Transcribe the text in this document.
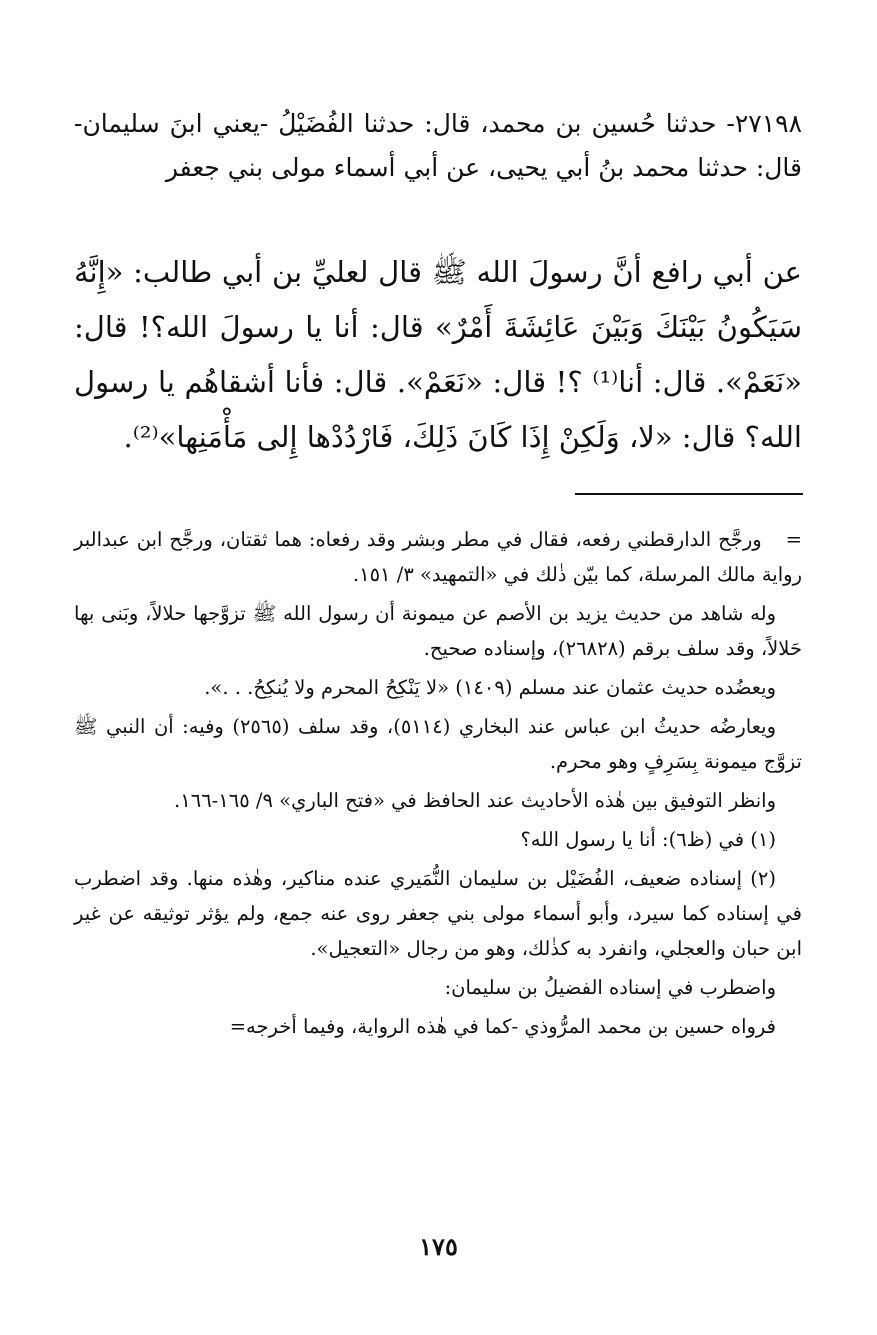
٢٧١٩٨- حدثنا حُسين بن محمد، قال: حدثنا الفُضَيْلُ -يعني ابنَ سليمان- قال: حدثنا محمد بنُ أبي يحيى، عن أبي أسماء مولى بني جعفر
عن أبي رافع أنَّ رسولَ الله ﷺ قال لعليِّ بن أبي طالب: «إِنَّهُ سَيَكُونُ بَيْنَكَ وَبَيْنَ عَائِشَةَ أَمْرٌ» قال: أنا يا رسولَ الله؟! قال: «نَعَمْ». قال: أنا⁽¹⁾ ؟! قال: «نَعَمْ». قال: فأنا أشقاهُم يا رسول الله؟ قال: «لا، وَلَكِنْ إِذَا كَانَ ذَلِكَ، فَارْدُدْها إِلى مَأْمَنِها»⁽²⁾.

=ورجَّح الدارقطني رفعه، فقال في مطر وبشر وقد رفعاه: هما ثقتان، ورجَّح ابن عبدالبر رواية مالك المرسلة، كما بيّن ذٰلك في «التمهيد» ٣/ ١٥١.

وله شاهد من حديث يزيد بن الأصم عن ميمونة أن رسول الله ﷺ تزوَّجها حلالاً، وبَنى بها حَلالاً، وقد سلف برقم (٢٦٨٢٨)، وإسناده صحيح.

ويعضُده حديث عثمان عند مسلم (١٤٠٩) «لا يَنْكِحُ المحرم ولا يُنكِحُ. . .».

ويعارضُه حديثُ ابن عباس عند البخاري (٥١١٤)، وقد سلف (٢٥٦٥) وفيه: أن النبي ﷺ تزوَّج ميمونة بِسَرِفٍ وهو محرم.

وانظر التوفيق بين هٰذه الأحاديث عند الحافظ في «فتح الباري» ٩/ ١٦٥-١٦٦.

(١) في (ظ٦): أنا يا رسول الله؟

(٢) إسناده ضعيف، الفُضَيْل بن سليمان النُّمَيري عنده مناكير، وهٰذه منها. وقد اضطرب في إسناده كما سيرد، وأبو أسماء مولى بني جعفر روى عنه جمع، ولم يؤثر توثيقه عن غير ابن حبان والعجلي، وانفرد به كذٰلك، وهو من رجال «التعجيل».

واضطرب في إسناده الفضيلُ بن سليمان:

فرواه حسين بن محمد المرُّوذي -كما في هٰذه الرواية، وفيما أخرجه=

١٧٥
